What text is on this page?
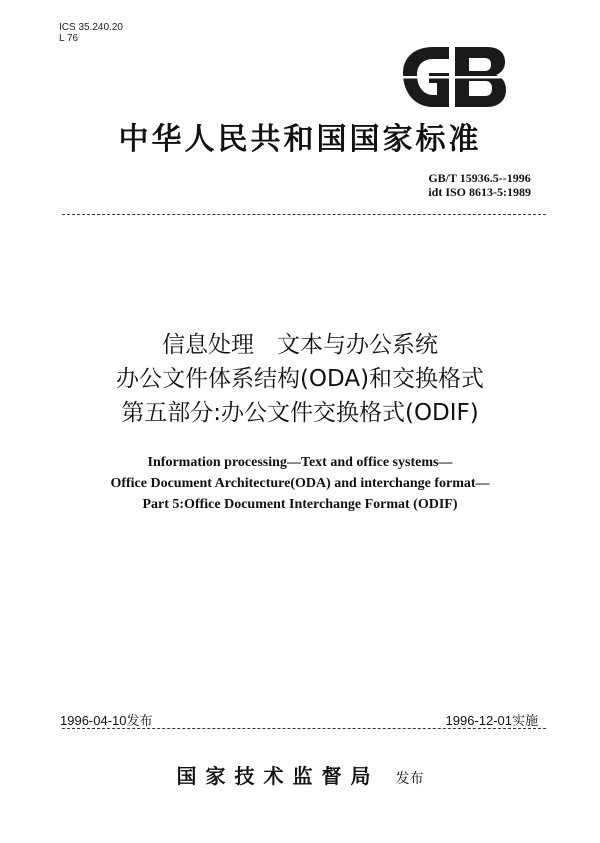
ICS 35.240.20
L 76
中华人民共和国国家标准
GB/T 15936.5--1996
idt ISO 8613-5:1989
信息处理　文本与办公系统
办公文件体系结构(ODA)和交换格式
第五部分:办公文件交换格式(ODIF)
Information processing—Text and office systems—
Office Document Architecture(ODA) and interchange format—
Part 5:Office Document Interchange Format (ODIF)
1996-04-10发布	1996-12-01实施
国家技术监督局 发布
